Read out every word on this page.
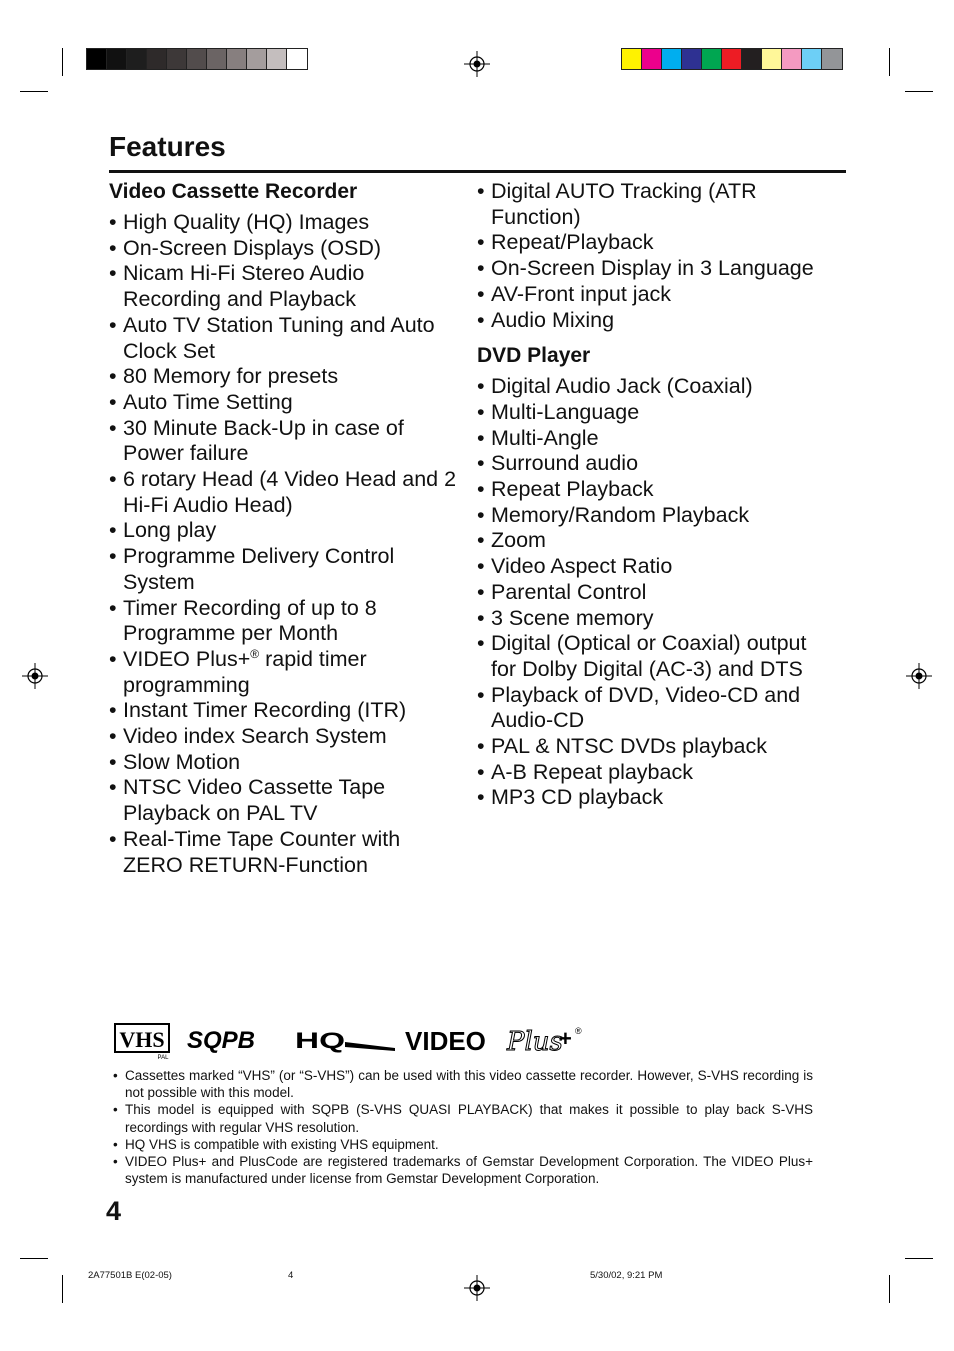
Features
Video Cassette Recorder
• High Quality (HQ) Images
• On-Screen Displays (OSD)
• Nicam Hi-Fi Stereo Audio Recording and Playback
• Auto TV Station Tuning and Auto Clock Set
• 80 Memory for presets
• Auto Time Setting
• 30 Minute Back-Up in case of Power failure
• 6 rotary Head (4 Video Head and 2 Hi-Fi Audio Head)
• Long play
• Programme Delivery Control System
• Timer Recording of up to 8 Programme per Month
• VIDEO Plus+® rapid timer programming
• Instant Timer Recording (ITR)
• Video index Search System
• Slow Motion
• NTSC Video Cassette Tape Playback on PAL TV
• Real-Time Tape Counter with ZERO RETURN-Function
• Digital AUTO Tracking (ATR Function)
• Repeat/Playback
• On-Screen Display in 3 Language
• AV-Front input jack
• Audio Mixing
DVD Player
• Digital Audio Jack (Coaxial)
• Multi-Language
• Multi-Angle
• Surround audio
• Repeat Playback
• Memory/Random Playback
• Zoom
• Video Aspect Ratio
• Parental Control
• 3 Scene memory
• Digital (Optical or Coaxial) output for Dolby Digital (AC-3) and DTS
• Playback of DVD, Video-CD and Audio-CD
• PAL & NTSC DVDs playback
• A-B Repeat playback
• MP3 CD playback
VHS
PAL
SQPB HQ VIDEO Plus
+ ®
• Cassettes marked “VHS” (or “S-VHS”) can be used with this video cassette recorder. However, S-VHS recording is not possible with this model.
• This model is equipped with SQPB (S-VHS QUASI PLAYBACK) that makes it possible to play back S-VHS recordings with regular VHS resolution.
• HQ VHS is compatible with existing VHS equipment.
• VIDEO Plus+ and PlusCode are registered trademarks of Gemstar Development Corporation. The VIDEO Plus+ system is manufactured under license from Gemstar Development Corporation.
4
2A77501B E(02-05)	4	5/30/02, 9:21 PM
